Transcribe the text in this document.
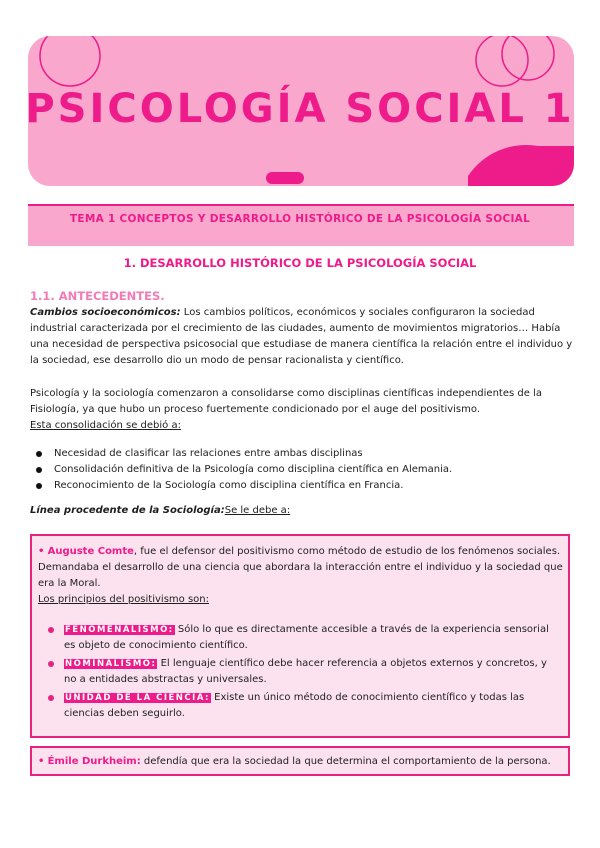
PSICOLOGÍA SOCIAL 1
TEMA 1 CONCEPTOS Y DESARROLLO HISTÓRICO DE LA PSICOLOGÍA SOCIAL
1. DESARROLLO HISTÓRICO DE LA PSICOLOGÍA SOCIAL
1.1. ANTECEDENTES.

Cambios socioeconómicos: Los cambios políticos, económicos y sociales configuraron la sociedad industrial caracterizada por el crecimiento de las ciudades, aumento de movimientos migratorios… Había una necesidad de perspectiva psicosocial que estudiase de manera científica la relación entre el individuo y la sociedad, ese desarrollo dio un modo de pensar racionalista y científico.

Psicología y la sociología comenzaron a consolidarse como disciplinas científicas independientes de la Fisiología, ya que hubo un proceso fuertemente condicionado por el auge del positivismo.
Esta consolidación se debió a:

Necesidad de clasificar las relaciones entre ambas disciplinas
Consolidación definitiva de la Psicología como disciplina científica en Alemania.
Reconocimiento de la Sociología como disciplina científica en Francia.
Línea procedente de la Sociología:Se le debe a:

• Auguste Comte, fue el defensor del positivismo como método de estudio de los fenómenos sociales.
Demandaba el desarrollo de una ciencia que abordara la interacción entre el individuo y la sociedad que era la Moral.
Los principios del positivismo son:

FENOMENALISMO: Sólo lo que es directamente accesible a través de la experiencia sensorial es objeto de conocimiento científico.
NOMINALISMO: El lenguaje científico debe hacer referencia a objetos externos y concretos, y no a entidades abstractas y universales.
UNIDAD DE LA CIENCIA: Existe un único método de conocimiento científico y todas las ciencias deben seguirlo.

• Émile Durkheim: defendía que era la sociedad la que determina el comportamiento de la persona.
